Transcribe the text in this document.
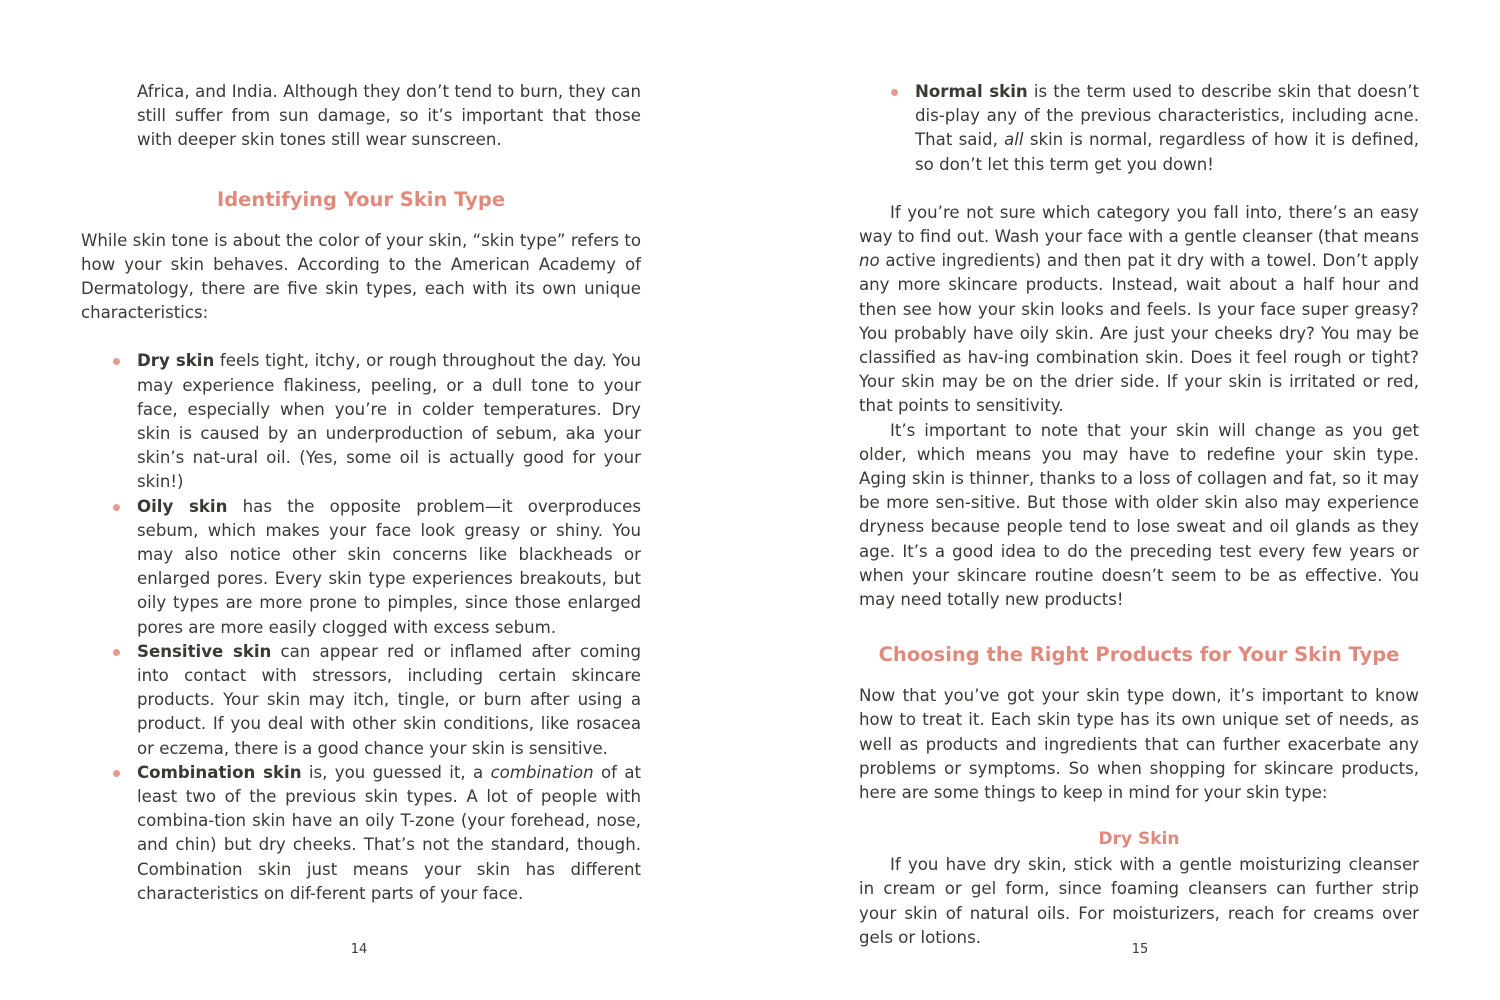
Africa, and India. Although they don’t tend to burn, they can still suffer from sun damage, so it’s important that those with deeper skin tones still wear sunscreen.

Identifying Your Skin Type

While skin tone is about the color of your skin, “skin type” refers to how your skin behaves. According to the American Academy of Dermatology, there are five skin types, each with its own unique characteristics:

Dry skin feels tight, itchy, or rough throughout the day. You may experience flakiness, peeling, or a dull tone to your face, especially when you’re in colder temperatures. Dry skin is caused by an underproduction of sebum, aka your skin’s nat-ural oil. (Yes, some oil is actually good for your skin!)
Oily skin has the opposite problem—it overproduces sebum, which makes your face look greasy or shiny. You may also notice other skin concerns like blackheads or enlarged pores. Every skin type experiences breakouts, but oily types are more prone to pimples, since those enlarged pores are more easily clogged with excess sebum.
Sensitive skin can appear red or inflamed after coming into contact with stressors, including certain skincare products. Your skin may itch, tingle, or burn after using a product. If you deal with other skin conditions, like rosacea or eczema, there is a good chance your skin is sensitive.
Combination skin is, you guessed it, a combination of at least two of the previous skin types. A lot of people with combina-tion skin have an oily T-zone (your forehead, nose, and chin) but dry cheeks. That’s not the standard, though. Combination skin just means your skin has different characteristics on dif-ferent parts of your face.
14
Normal skin is the term used to describe skin that doesn’t dis-play any of the previous characteristics, including acne. That said, all skin is normal, regardless of how it is defined, so don’t let this term get you down!

If you’re not sure which category you fall into, there’s an easy way to find out. Wash your face with a gentle cleanser (that means no active ingredients) and then pat it dry with a towel. Don’t apply any more skincare products. Instead, wait about a half hour and then see how your skin looks and feels. Is your face super greasy? You probably have oily skin. Are just your cheeks dry? You may be classified as hav-ing combination skin. Does it feel rough or tight? Your skin may be on the drier side. If your skin is irritated or red, that points to sensitivity.

It’s important to note that your skin will change as you get older, which means you may have to redefine your skin type. Aging skin is thinner, thanks to a loss of collagen and fat, so it may be more sen-sitive. But those with older skin also may experience dryness because people tend to lose sweat and oil glands as they age. It’s a good idea to do the preceding test every few years or when your skincare routine doesn’t seem to be as effective. You may need totally new products!

Choosing the Right Products for Your Skin Type

Now that you’ve got your skin type down, it’s important to know how to treat it. Each skin type has its own unique set of needs, as well as products and ingredients that can further exacerbate any problems or symptoms. So when shopping for skincare products, here are some things to keep in mind for your skin type:

Dry Skin

If you have dry skin, stick with a gentle moisturizing cleanser in cream or gel form, since foaming cleansers can further strip your skin of natural oils. For moisturizers, reach for creams over gels or lotions.

15
